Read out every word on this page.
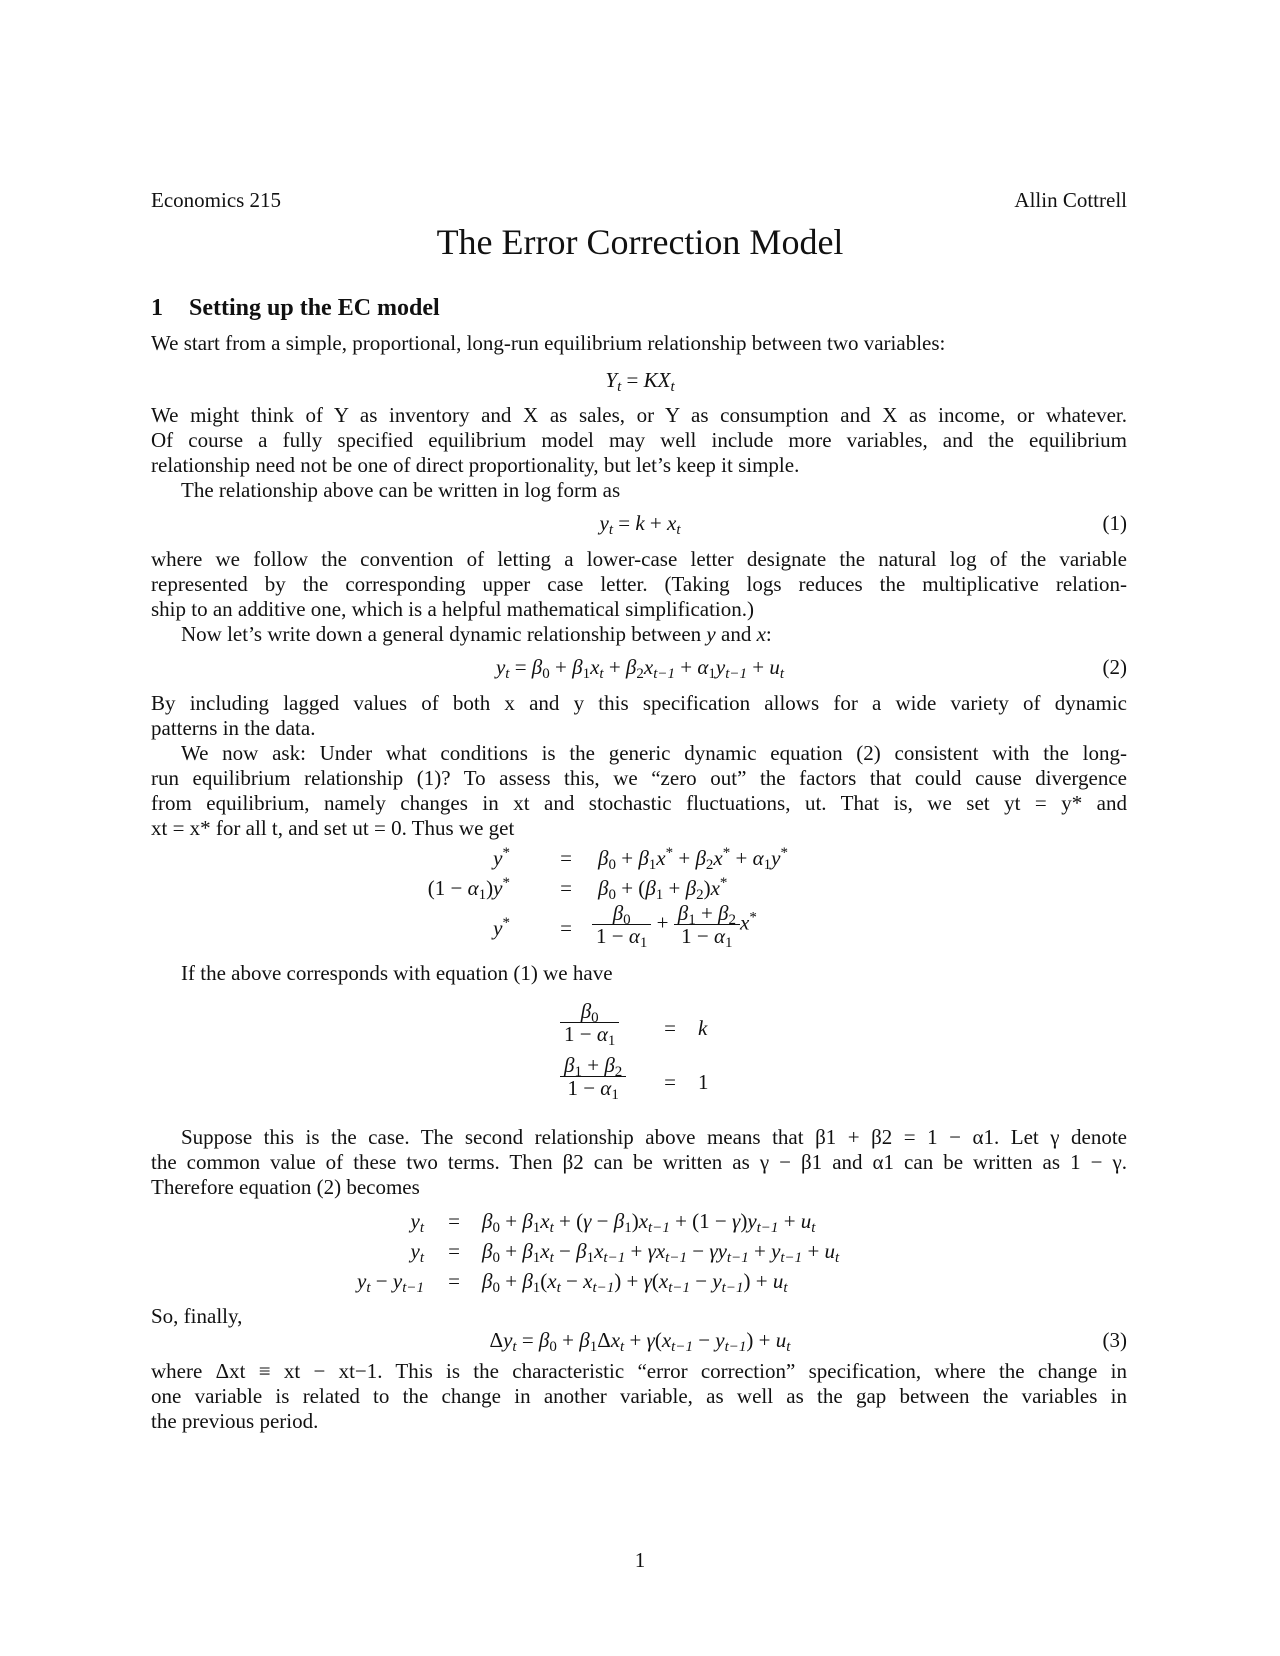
Economics 215	Allin Cottrell
The Error Correction Model
1 Setting up the EC model

We start from a simple, proportional, long-run equilibrium relationship between two variables:

$Y_t = KX_t$

We might think of Y as inventory and X as sales, or Y as consumption and X as income, or whatever.

Of course a fully specified equilibrium model may well include more variables, and the equilibrium

relationship need not be one of direct proportionality, but let’s keep it simple.

The relationship above can be written in log form as

$y_t = k + x_t$	(1)

where we follow the convention of letting a lower-case letter designate the natural log of the variable

represented by the corresponding upper case letter. (Taking logs reduces the multiplicative relation-

ship to an additive one, which is a helpful mathematical simplification.)

Now let’s write down a general dynamic relationship between y and x:

$y_t = \beta_0 + \beta_1x_t + \beta_2x_{t-1} + \alpha_1y_{t-1} + u_t$	(2)

By including lagged values of both x and y this specification allows for a wide variety of dynamic

patterns in the data.

We now ask: Under what conditions is the generic dynamic equation (2) consistent with the long-

run equilibrium relationship (1)? To assess this, we “zero out” the factors that could cause divergence

from equilibrium, namely changes in xt and stochastic fluctuations, ut. That is, we set yt = y* and

xt = x* for all t, and set ut = 0. Thus we get

$y^* = \beta_0 + \beta_1x^* + \beta_2x^* + \alpha_1y^*$
$(1 - \alpha_1)y^* = \beta_0 + (\beta_1 + \beta_2)x^*$
$y^* = \frac{\beta_0}{1 - \alpha_1} + \frac{\beta_1 + \beta_2}{1 - \alpha_1} x^*$

If the above corresponds with equation (1) we have

$\frac{\beta_0}{1 - \alpha_1} = k$
$\frac{\beta_1 + \beta_2}{1 - \alpha_1} = 1$

Suppose this is the case. The second relationship above means that β1 + β2 = 1 − α1. Let γ denote

the common value of these two terms. Then β2 can be written as γ − β1 and α1 can be written as 1 − γ.

Therefore equation (2) becomes

$y_t = \beta_0 + \beta_1x_t + (\gamma - \beta_1)x_{t-1} + (1 - \gamma)y_{t-1} + u_t$
$y_t = \beta_0 + \beta_1x_t - \beta_1x_{t-1} + \gamma x_{t-1} - \gamma y_{t-1} + y_{t-1} + u_t$
$y_t - y_{t-1} = \beta_0 + \beta_1(x_t - x_{t-1}) + \gamma(x_{t-1} - y_{t-1}) + u_t$

So, finally,

$\Delta y_t = \beta_0 + \beta_1\Delta x_t + \gamma(x_{t-1} - y_{t-1}) + u_t$	(3)

where Δxt ≡ xt − xt−1. This is the characteristic “error correction” specification, where the change in

one variable is related to the change in another variable, as well as the gap between the variables in

the previous period.

1
